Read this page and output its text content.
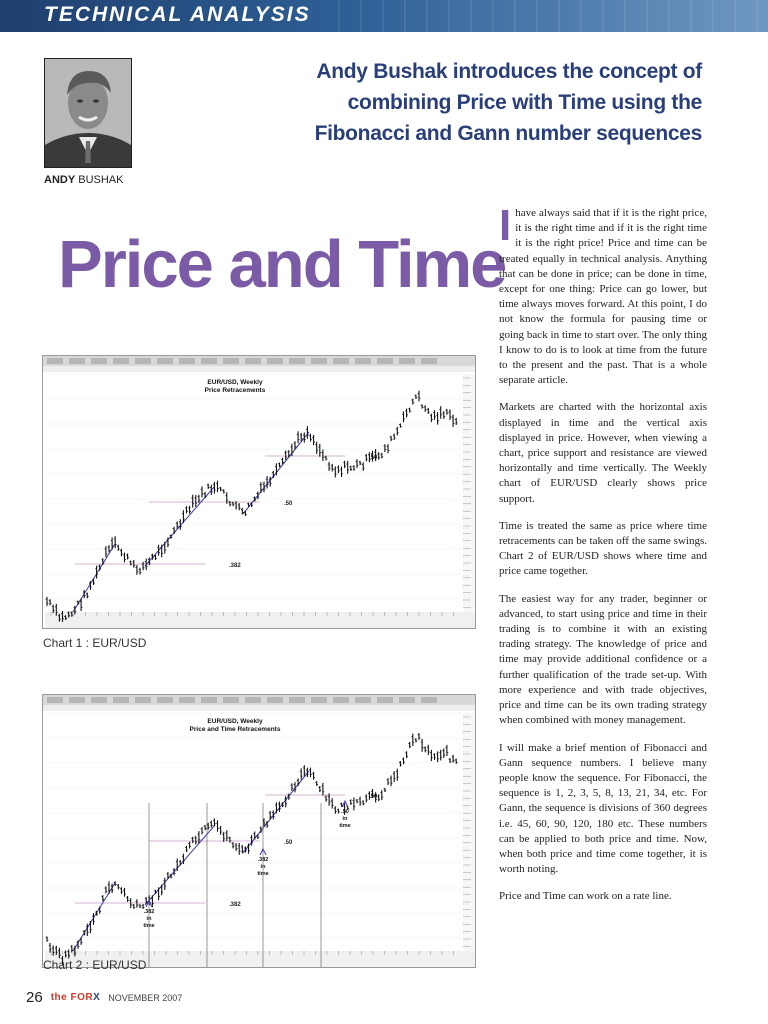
TECHNICAL ANALYSIS
ANDY BUSHAK
Andy Bushak introduces the concept of combining Price with Time using the Fibonacci and Gann number sequences
Price and Time
.382
.50
.50
EUR/USD, Weekly
Price Retracements
Chart 1 : EUR/USD
.382
.50
.50
EUR/USD, Weekly
Price and Time Retracements
.382
in
time
.382
in
time
.50
in
time
Chart 2 : EUR/USD

Ihave always said that if it is the right price, it is the right time and if it is the right time it is the right price! Price and time can be treated equally in technical analysis. Anything that can be done in price; can be done in time, except for one thing: Price can go lower, but time always moves forward. At this point, I do not know the formula for pausing time or going back in time to start over. The only thing I know to do is to look at time from the future to the present and the past. That is a whole separate article.

Markets are charted with the horizontal axis displayed in time and the vertical axis displayed in price. However, when viewing a chart, price support and resistance are viewed horizontally and time vertically. The Weekly chart of EUR/USD clearly shows price support.

Time is treated the same as price where time retracements can be taken off the same swings. Chart 2 of EUR/USD shows where time and price came together.

The easiest way for any trader, beginner or advanced, to start using price and time in their trading is to combine it with an existing trading strategy. The knowledge of price and time may provide additional confidence or a further qualification of the trade set-up. With more experience and with trade objectives, price and time can be its own trading strategy when combined with money management.

I will make a brief mention of Fibonacci and Gann sequence numbers. I believe many people know the sequence. For Fibonacci, the sequence is 1, 2, 3, 5, 8, 13, 21, 34, etc. For Gann, the sequence is divisions of 360 degrees i.e. 45, 60, 90, 120, 180 etc. These numbers can be applied to both price and time. Now, when both price and time come together, it is worth noting.

Price and Time can work on a rate line.

26 the FORX NOVEMBER 2007
